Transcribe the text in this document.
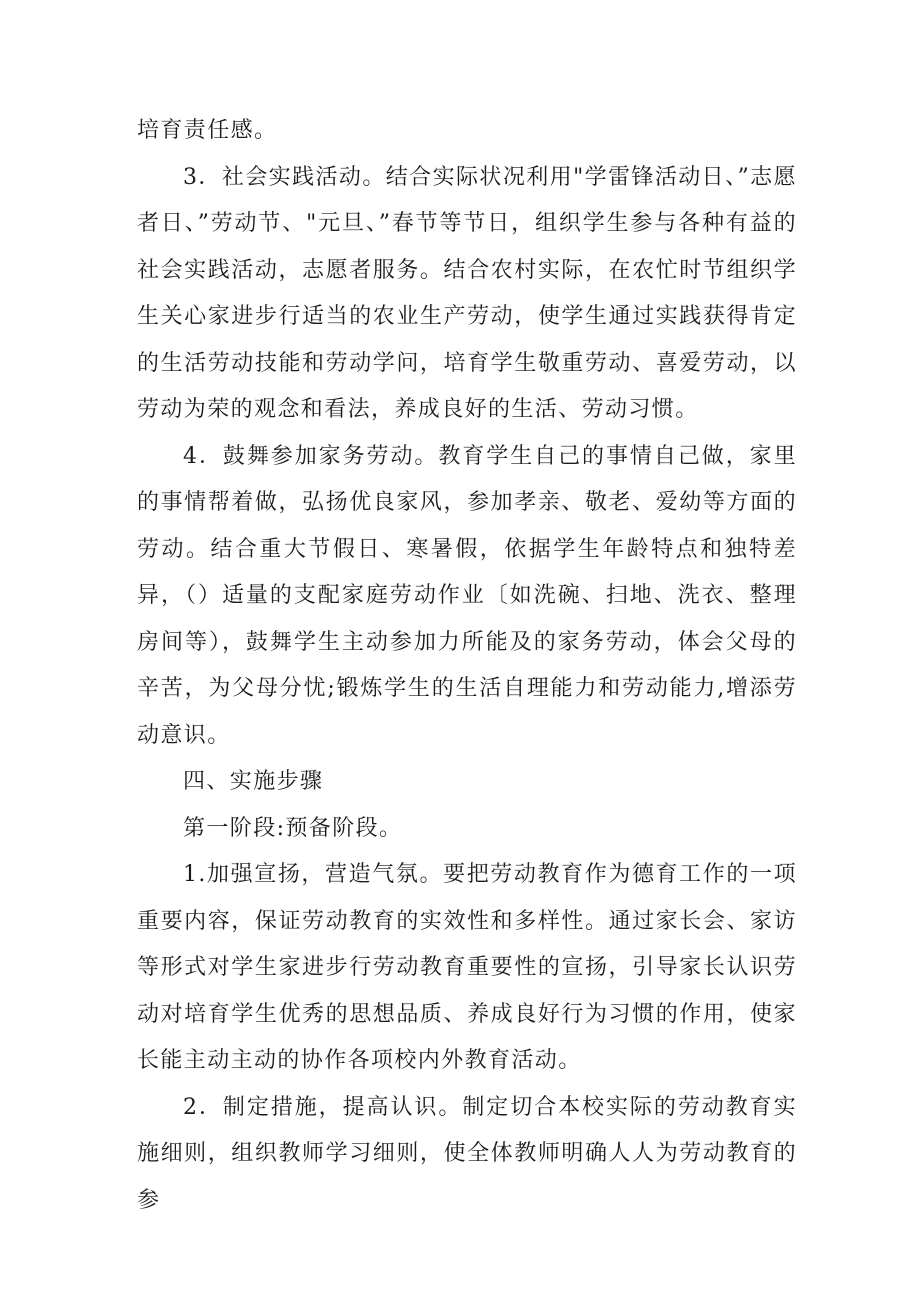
培育责任感。

3．社会实践活动。结合实际状况利用"学雷锋活动日、”志愿者日、”劳动节、"元旦、”春节等节日，组织学生参与各种有益的社会实践活动，志愿者服务。结合农村实际，在农忙时节组织学生关心家进步行适当的农业生产劳动，使学生通过实践获得肯定的生活劳动技能和劳动学问，培育学生敬重劳动、喜爱劳动，以劳动为荣的观念和看法，养成良好的生活、劳动习惯。

4．鼓舞参加家务劳动。教育学生自己的事情自己做，家里的事情帮着做，弘扬优良家风，参加孝亲、敬老、爱幼等方面的劳动。结合重大节假日、寒暑假，依据学生年龄特点和独特差异，（）适量的支配家庭劳动作业〔如洗碗、扫地、洗衣、整理房间等），鼓舞学生主动参加力所能及的家务劳动，体会父母的辛苦，为父母分忧;锻炼学生的生活自理能力和劳动能力,增添劳动意识。

四、实施步骤

第一阶段:预备阶段。

1.加强宣扬，营造气氛。要把劳动教育作为德育工作的一项重要内容，保证劳动教育的实效性和多样性。通过家长会、家访等形式对学生家进步行劳动教育重要性的宣扬，引导家长认识劳动对培育学生优秀的思想品质、养成良好行为习惯的作用，使家长能主动主动的协作各项校内外教育活动。

2．制定措施，提高认识。制定切合本校实际的劳动教育实施细则，组织教师学习细则，使全体教师明确人人为劳动教育的参
